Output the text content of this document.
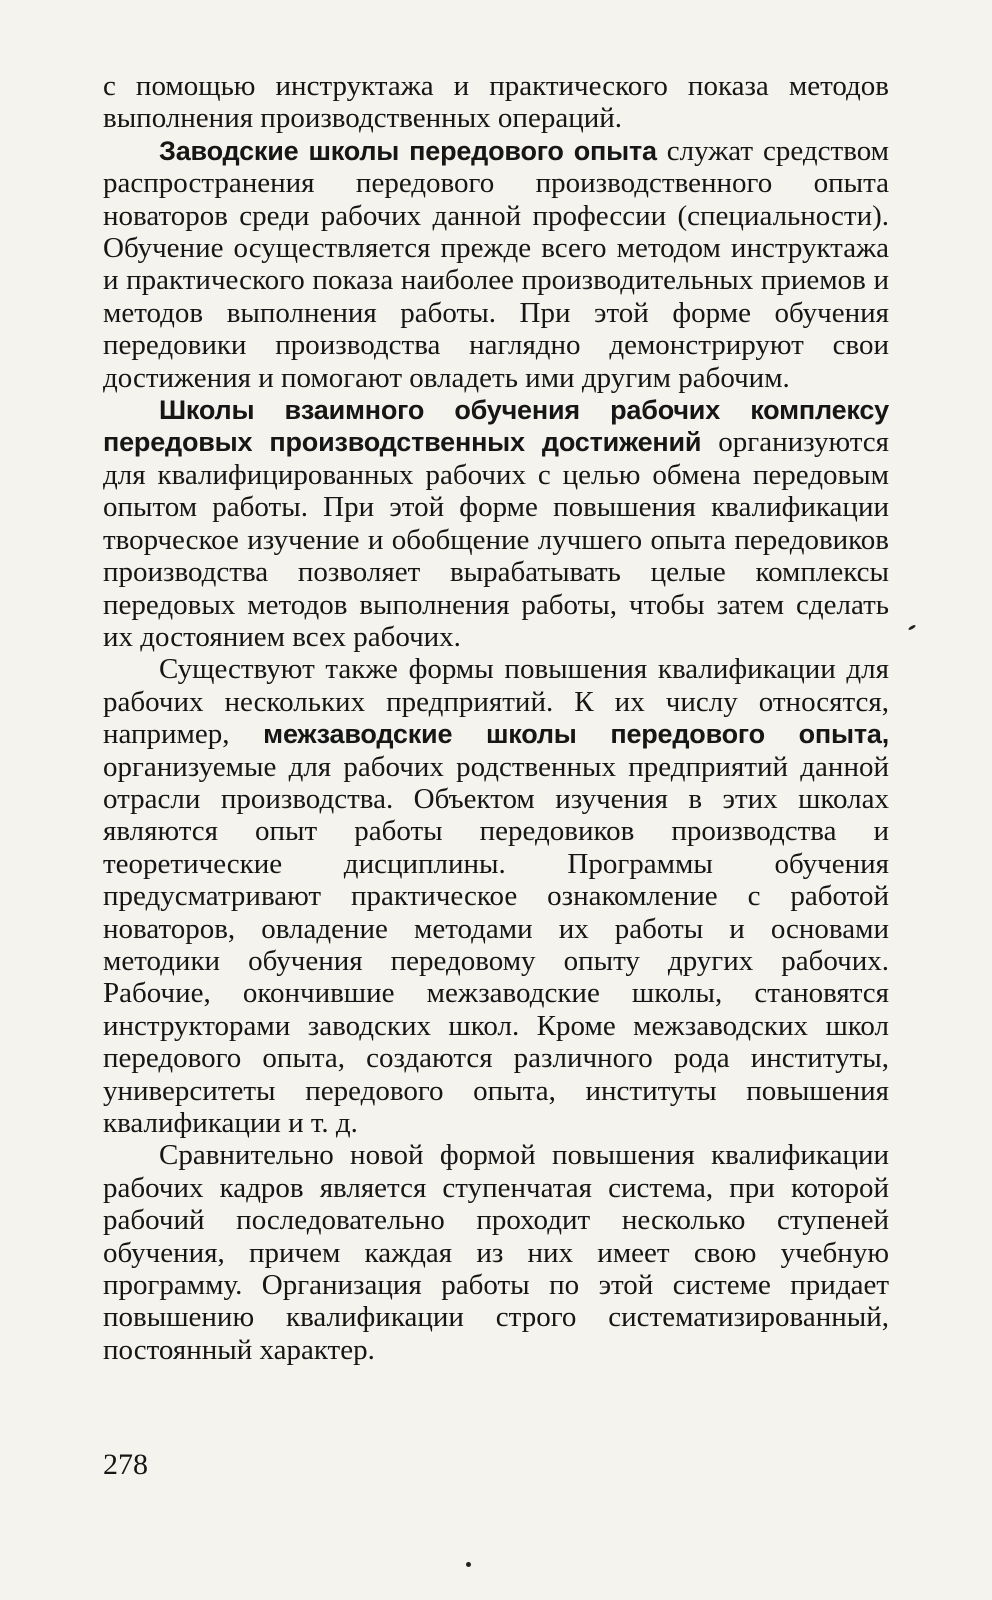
с помощью инструктажа и практического показа методов выполнения производственных операций.

Заводские школы передового опыта служат средством распространения передового производственного опыта новаторов среди рабочих данной профессии (специальности). Обучение осуществляется прежде всего методом инструктажа и практического показа наиболее производительных приемов и методов выполнения работы. При этой форме обучения передовики производства наглядно демонстрируют свои достижения и помогают овладеть ими другим рабочим.

Школы взаимного обучения рабочих комплексу передовых производственных достижений организуются для квалифицированных рабочих с целью обмена передовым опытом работы. При этой форме повышения квалификации творческое изучение и обобщение лучшего опыта передовиков производства позволяет вырабатывать целые комплексы передовых методов выполнения работы, чтобы затем сделать их достоянием всех рабочих.

Существуют также формы повышения квалификации для рабочих нескольких предприятий. К их числу относятся, например, межзаводские школы передового опыта, организуемые для рабочих родственных предприятий данной отрасли производства. Объектом изучения в этих школах являются опыт работы передовиков производства и теоретические дисциплины. Программы обучения предусматривают практическое ознакомление с работой новаторов, овладение методами их работы и основами методики обучения передовому опыту других рабочих. Рабочие, окончившие межзаводские школы, становятся инструкторами заводских школ. Кроме межзаводских школ передового опыта, создаются различного рода институты, университеты передового опыта, институты повышения квалификации и т. д.

Сравнительно новой формой повышения квалификации рабочих кадров является ступенчатая система, при которой рабочий последовательно проходит несколько ступеней обучения, причем каждая из них имеет свою учебную программу. Организация работы по этой системе придает повышению квалификации строго систематизированный, постоянный характер.

278
